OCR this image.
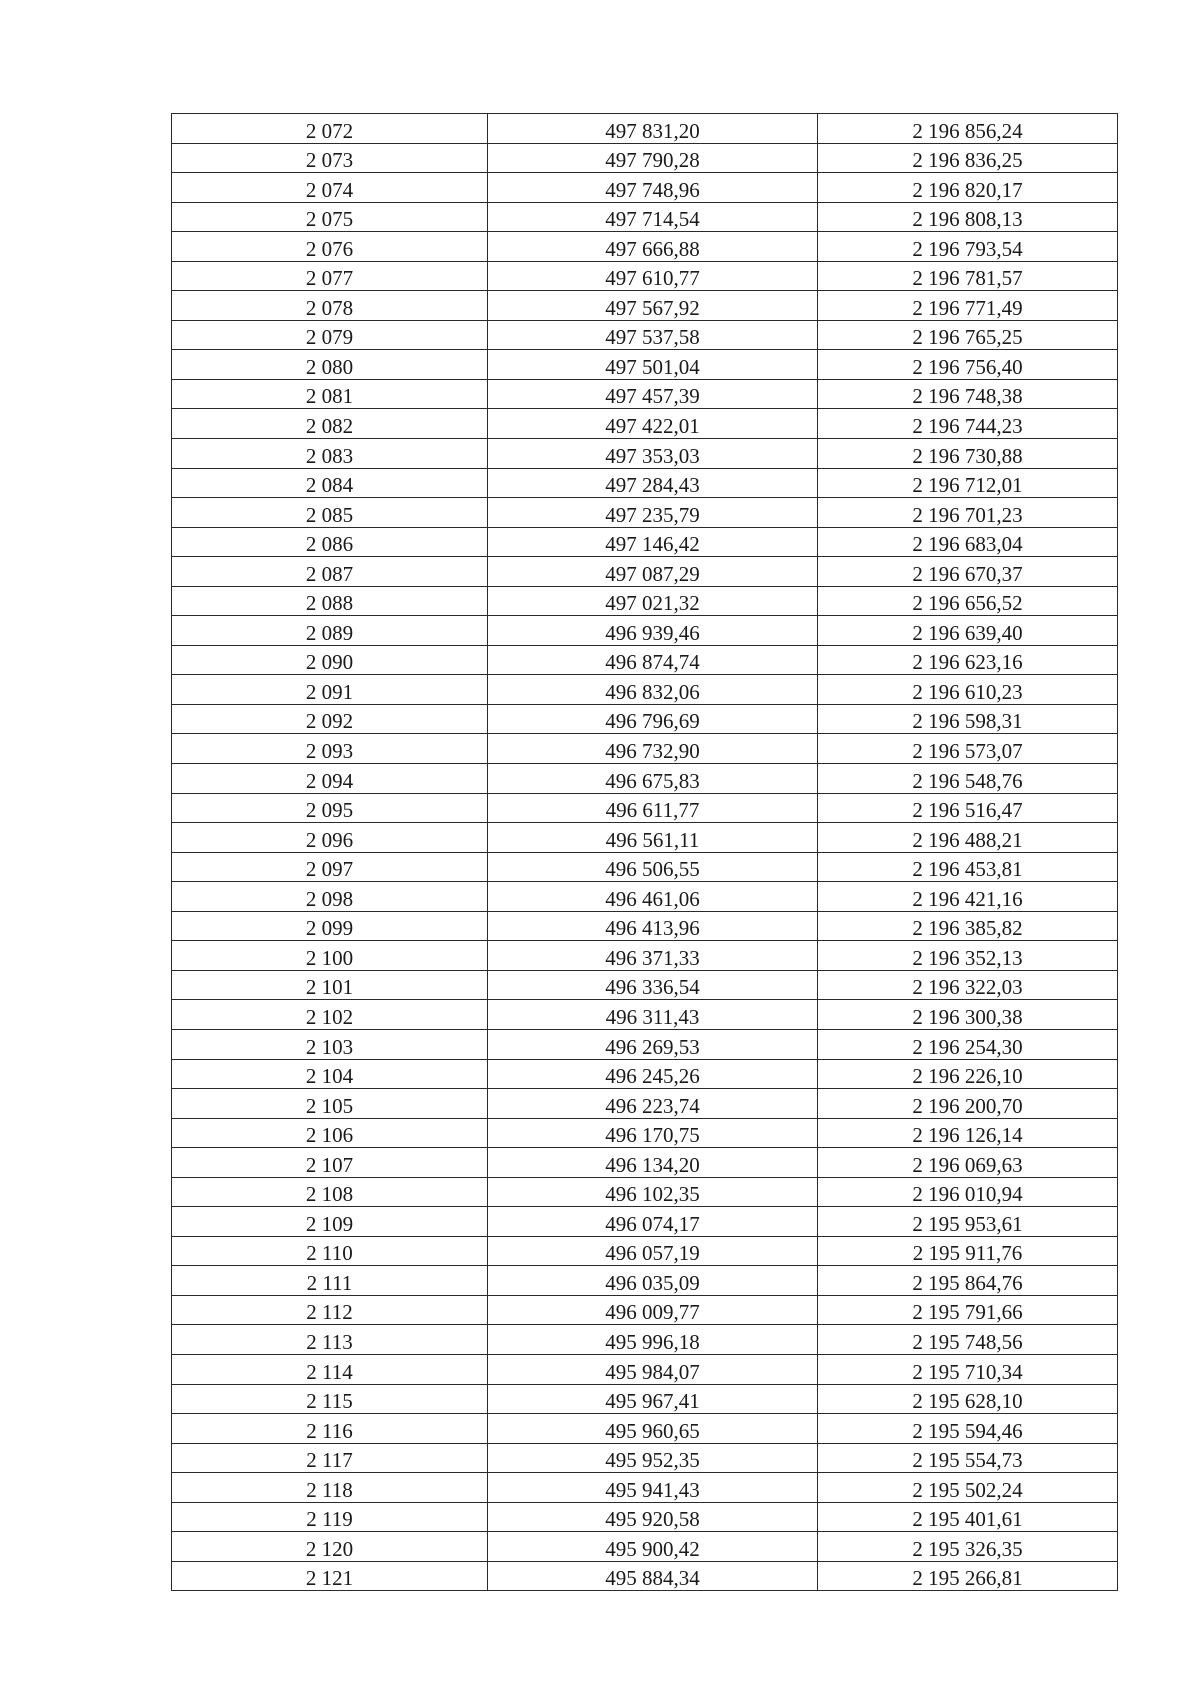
2 072	497 831,20	2 196 856,24
2 073	497 790,28	2 196 836,25
2 074	497 748,96	2 196 820,17
2 075	497 714,54	2 196 808,13
2 076	497 666,88	2 196 793,54
2 077	497 610,77	2 196 781,57
2 078	497 567,92	2 196 771,49
2 079	497 537,58	2 196 765,25
2 080	497 501,04	2 196 756,40
2 081	497 457,39	2 196 748,38
2 082	497 422,01	2 196 744,23
2 083	497 353,03	2 196 730,88
2 084	497 284,43	2 196 712,01
2 085	497 235,79	2 196 701,23
2 086	497 146,42	2 196 683,04
2 087	497 087,29	2 196 670,37
2 088	497 021,32	2 196 656,52
2 089	496 939,46	2 196 639,40
2 090	496 874,74	2 196 623,16
2 091	496 832,06	2 196 610,23
2 092	496 796,69	2 196 598,31
2 093	496 732,90	2 196 573,07
2 094	496 675,83	2 196 548,76
2 095	496 611,77	2 196 516,47
2 096	496 561,11	2 196 488,21
2 097	496 506,55	2 196 453,81
2 098	496 461,06	2 196 421,16
2 099	496 413,96	2 196 385,82
2 100	496 371,33	2 196 352,13
2 101	496 336,54	2 196 322,03
2 102	496 311,43	2 196 300,38
2 103	496 269,53	2 196 254,30
2 104	496 245,26	2 196 226,10
2 105	496 223,74	2 196 200,70
2 106	496 170,75	2 196 126,14
2 107	496 134,20	2 196 069,63
2 108	496 102,35	2 196 010,94
2 109	496 074,17	2 195 953,61
2 110	496 057,19	2 195 911,76
2 111	496 035,09	2 195 864,76
2 112	496 009,77	2 195 791,66
2 113	495 996,18	2 195 748,56
2 114	495 984,07	2 195 710,34
2 115	495 967,41	2 195 628,10
2 116	495 960,65	2 195 594,46
2 117	495 952,35	2 195 554,73
2 118	495 941,43	2 195 502,24
2 119	495 920,58	2 195 401,61
2 120	495 900,42	2 195 326,35
2 121	495 884,34	2 195 266,81
